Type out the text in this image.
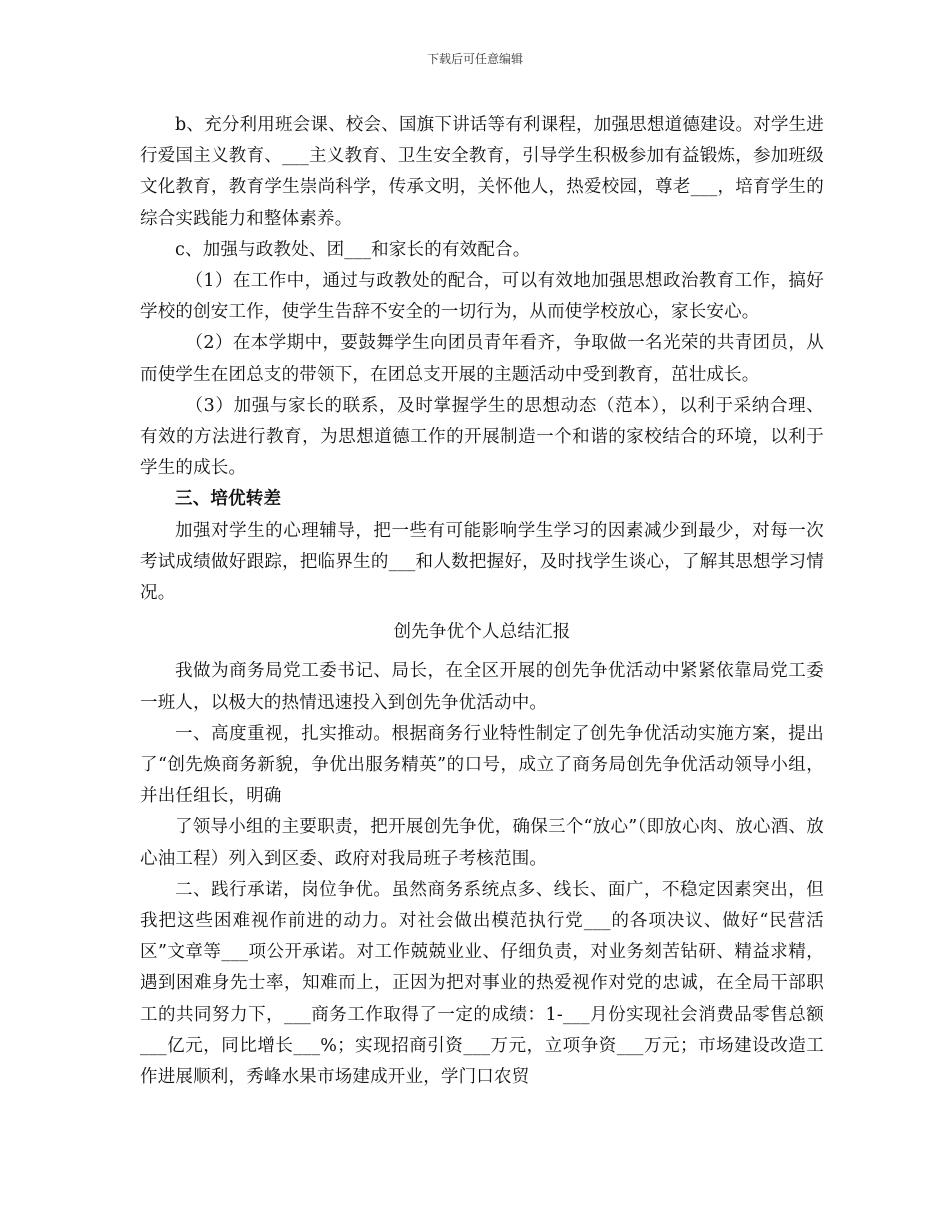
下载后可任意编辑

b、充分利用班会课、校会、国旗下讲话等有利课程，加强思想道德建设。对学生进行爱国主义教育、___主义教育、卫生安全教育，引导学生积极参加有益锻炼，参加班级文化教育，教育学生崇尚科学，传承文明，关怀他人，热爱校园，尊老___，培育学生的综合实践能力和整体素养。

c、加强与政教处、团___和家长的有效配合。

（1）在工作中，通过与政教处的配合，可以有效地加强思想政治教育工作，搞好学校的创安工作，使学生告辞不安全的一切行为，从而使学校放心，家长安心。

（2）在本学期中，要鼓舞学生向团员青年看齐，争取做一名光荣的共青团员，从而使学生在团总支的带领下，在团总支开展的主题活动中受到教育，茁壮成长。

（3）加强与家长的联系，及时掌握学生的思想动态（范本），以利于采纳合理、有效的方法进行教育，为思想道德工作的开展制造一个和谐的家校结合的环境，以利于学生的成长。

三、培优转差

加强对学生的心理辅导，把一些有可能影响学生学习的因素减少到最少，对每一次考试成绩做好跟踪，把临界生的___和人数把握好，及时找学生谈心，了解其思想学习情况。

创先争优个人总结汇报

我做为商务局党工委书记、局长，在全区开展的创先争优活动中紧紧依靠局党工委一班人，以极大的热情迅速投入到创先争优活动中。

一、高度重视，扎实推动。根据商务行业特性制定了创先争优活动实施方案，提出了“创先焕商务新貌，争优出服务精英”的口号，成立了商务局创先争优活动领导小组，并出任组长，明确

了领导小组的主要职责，把开展创先争优，确保三个“放心”（即放心肉、放心酒、放心油工程）列入到区委、政府对我局班子考核范围。

二、践行承诺，岗位争优。虽然商务系统点多、线长、面广，不稳定因素突出，但我把这些困难视作前进的动力。对社会做出模范执行党___的各项决议、做好“民营活区”文章等___项公开承诺。对工作兢兢业业、仔细负责，对业务刻苦钻研、精益求精，遇到困难身先士率，知难而上，正因为把对事业的热爱视作对党的忠诚，在全局干部职工的共同努力下，___商务工作取得了一定的成绩：1-___月份实现社会消费品零售总额___亿元，同比增长___%；实现招商引资___万元，立项争资___万元；市场建设改造工作进展顺利，秀峰水果市场建成开业，学门口农贸
